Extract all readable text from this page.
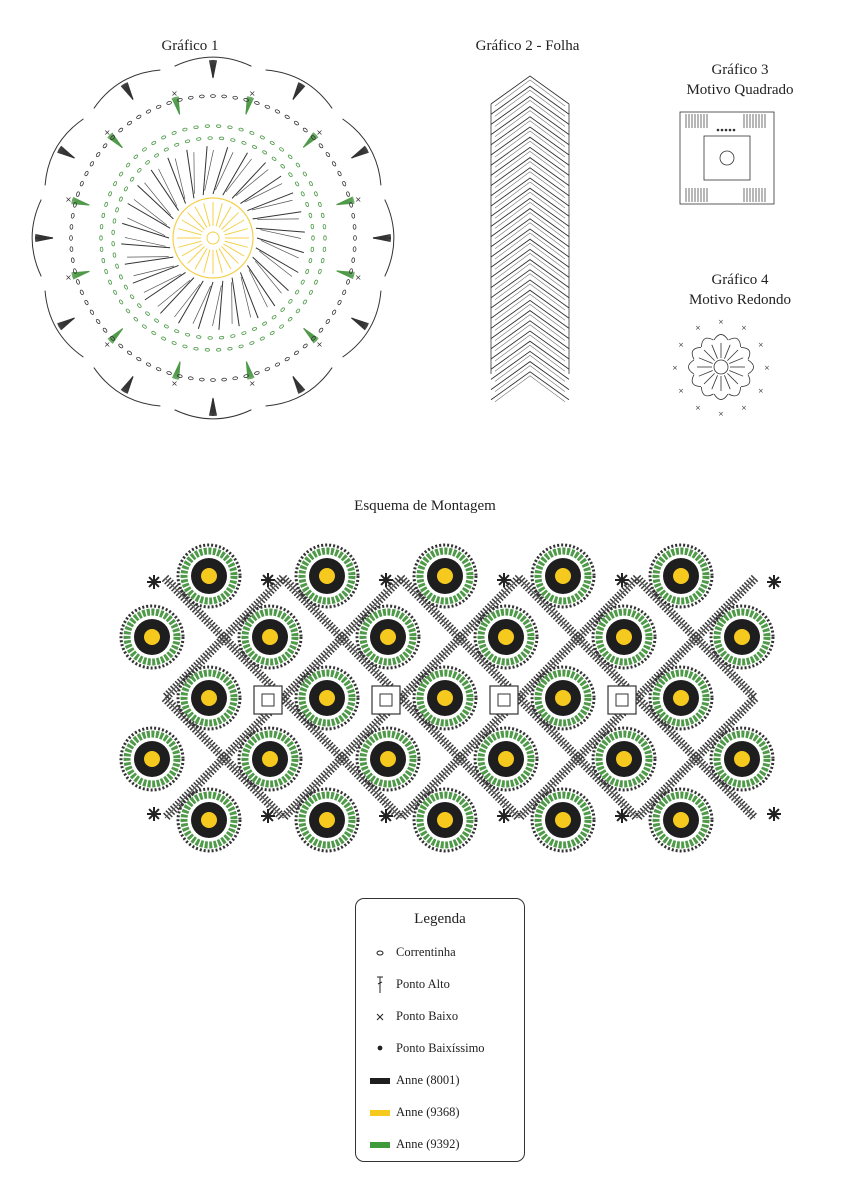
Gráfico 1	Gráfico 2 - Folha
Gráfico 3
Motivo Quadrado
Gráfico 4
Motivo Redondo
Esquema de Montagem
×
×
×
×
×
×
×
×
×	×
×
×
×
×
×
×
×
×
×
×
×
×
×
×
Legenda
Correntinha
Ponto Alto
Ponto Baixo
Ponto Baixíssimo
Anne (8001)
Anne (9368)
Anne (9392)
